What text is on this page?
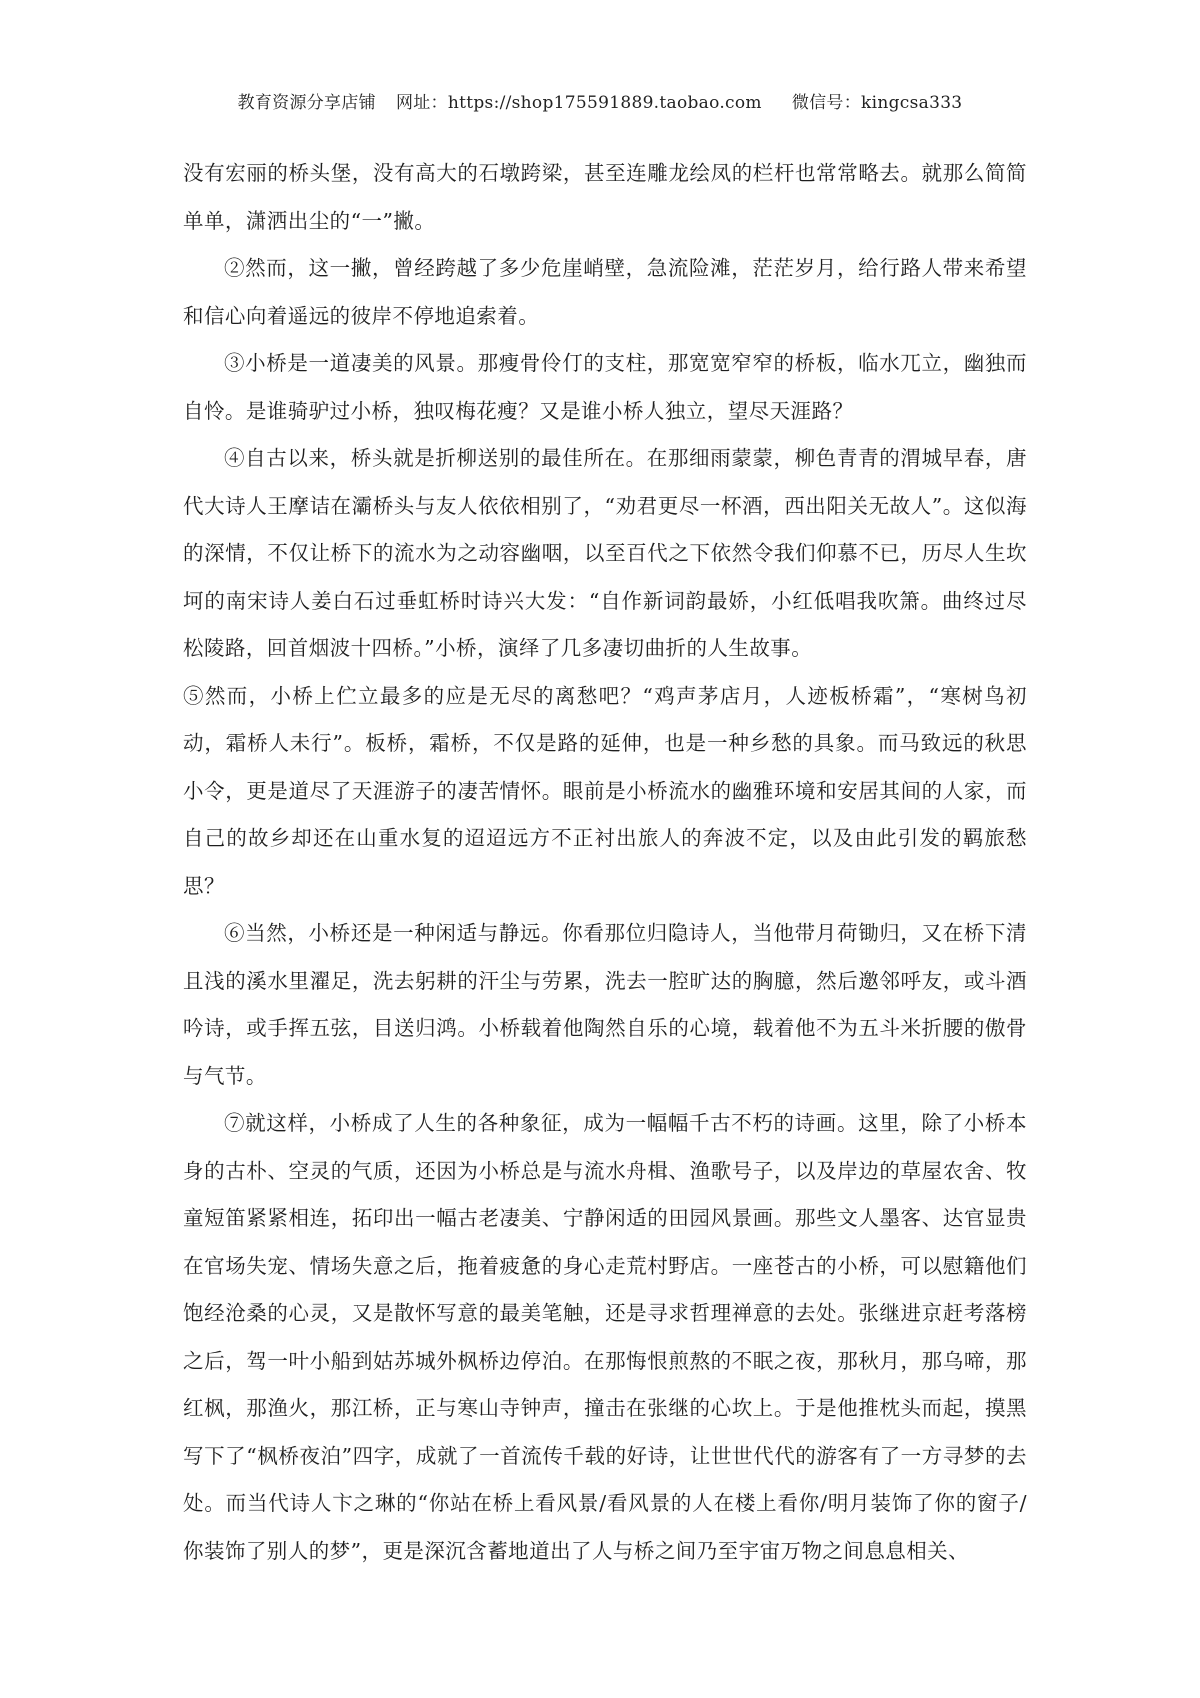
教育资源分享店铺 网址：https://shop175591889.taobao.com 微信号：kingcsa333

没有宏丽的桥头堡，没有高大的石墩跨梁，甚至连雕龙绘凤的栏杆也常常略去。就那么简简单单，潇洒出尘的“一”撇。

②然而，这一撇，曾经跨越了多少危崖峭壁，急流险滩，茫茫岁月，给行路人带来希望和信心向着遥远的彼岸不停地追索着。

③小桥是一道凄美的风景。那瘦骨伶仃的支柱，那宽宽窄窄的桥板，临水兀立，幽独而自怜。是谁骑驴过小桥，独叹梅花瘦？又是谁小桥人独立，望尽天涯路？

④自古以来，桥头就是折柳送别的最佳所在。在那细雨蒙蒙，柳色青青的渭城早春，唐代大诗人王摩诘在灞桥头与友人依依相别了，“劝君更尽一杯酒，西出阳关无故人”。这似海的深情，不仅让桥下的流水为之动容幽咽，以至百代之下依然令我们仰慕不已，历尽人生坎坷的南宋诗人姜白石过垂虹桥时诗兴大发：“自作新词韵最娇，小红低唱我吹箫。曲终过尽松陵路，回首烟波十四桥。”小桥，演绎了几多凄切曲折的人生故事。

⑤然而，小桥上伫立最多的应是无尽的离愁吧？“鸡声茅店月，人迹板桥霜”，“寒树鸟初动，霜桥人未行”。板桥，霜桥，不仅是路的延伸，也是一种乡愁的具象。而马致远的秋思小令，更是道尽了天涯游子的凄苦情怀。眼前是小桥流水的幽雅环境和安居其间的人家，而自己的故乡却还在山重水复的迢迢远方不正衬出旅人的奔波不定，以及由此引发的羁旅愁思？

⑥当然，小桥还是一种闲适与静远。你看那位归隐诗人，当他带月荷锄归，又在桥下清且浅的溪水里濯足，洗去躬耕的汗尘与劳累，洗去一腔旷达的胸臆，然后邀邻呼友，或斗酒吟诗，或手挥五弦，目送归鸿。小桥载着他陶然自乐的心境，载着他不为五斗米折腰的傲骨与气节。

⑦就这样，小桥成了人生的各种象征，成为一幅幅千古不朽的诗画。这里，除了小桥本身的古朴、空灵的气质，还因为小桥总是与流水舟楫、渔歌号子，以及岸边的草屋农舍、牧童短笛紧紧相连，拓印出一幅古老凄美、宁静闲适的田园风景画。那些文人墨客、达官显贵在官场失宠、情场失意之后，拖着疲惫的身心走荒村野店。一座苍古的小桥，可以慰籍他们饱经沧桑的心灵，又是散怀写意的最美笔触，还是寻求哲理禅意的去处。张继进京赶考落榜之后，驾一叶小船到姑苏城外枫桥边停泊。在那悔恨煎熬的不眠之夜，那秋月，那乌啼，那红枫，那渔火，那江桥，正与寒山寺钟声，撞击在张继的心坎上。于是他推枕头而起，摸黑写下了“枫桥夜泊”四字，成就了一首流传千载的好诗，让世世代代的游客有了一方寻梦的去处。而当代诗人卞之琳的“你站在桥上看风景/看风景的人在楼上看你/明月装饰了你的窗子/你装饰了别人的梦”，更是深沉含蓄地道出了人与桥之间乃至宇宙万物之间息息相关、
